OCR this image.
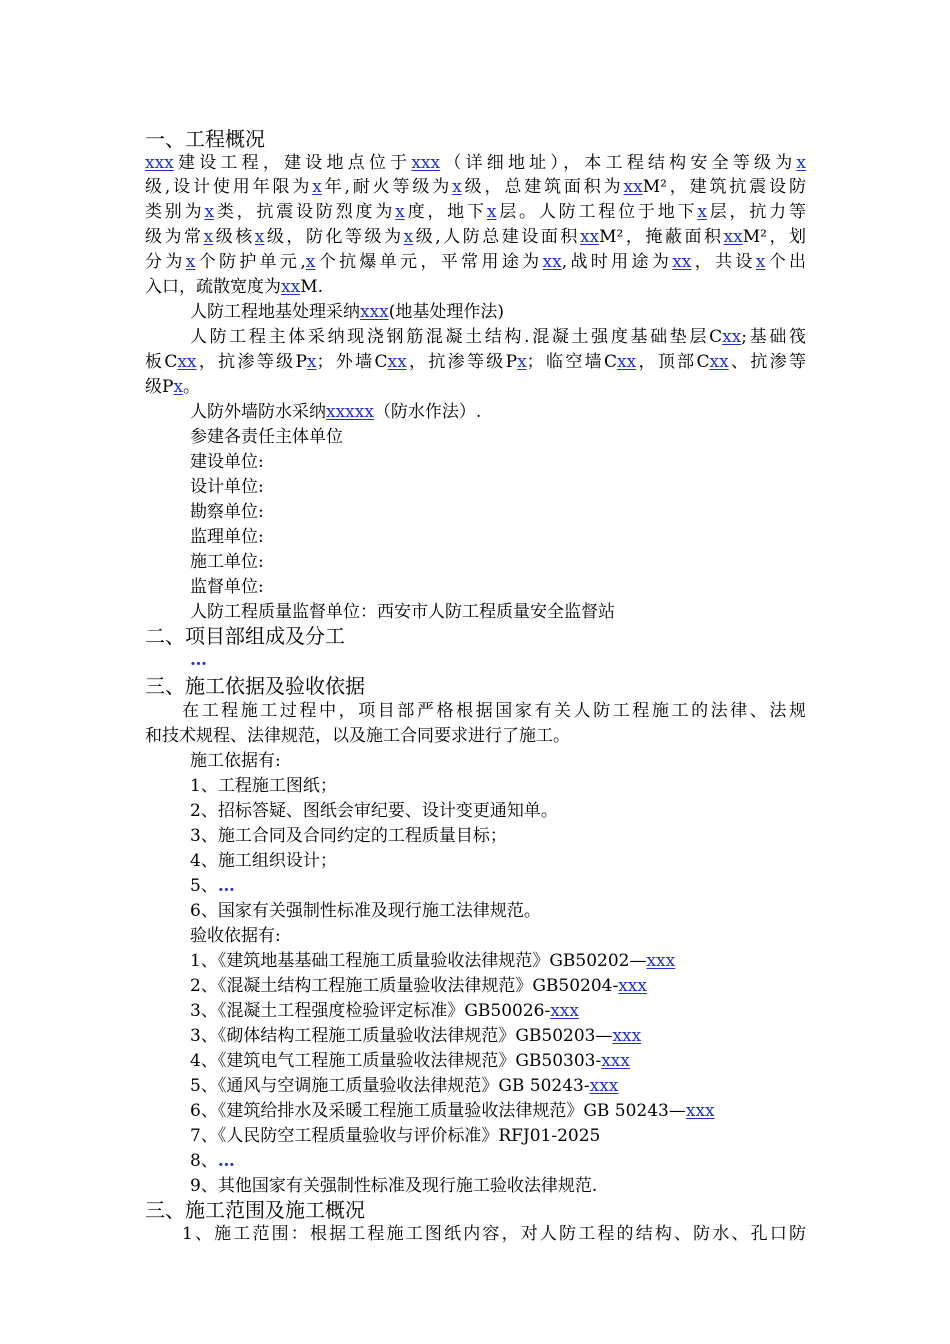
一、工程概况
xxx建设工程，建设地点位于xxx（详细地址），本工程结构安全等级为x
级,设计使用年限为x年,耐火等级为x级，总建筑面积为xxM²，建筑抗震设防
类别为x类，抗震设防烈度为x度，地下x层。人防工程位于地下x层，抗力等
级为常x级核x级，防化等级为x级,人防总建设面积xxM²，掩蔽面积xxM²，划
分为x个防护单元,x个抗爆单元，平常用途为xx,战时用途为xx，共设x个出
入口，疏散宽度为xxM.
人防工程地基处理采纳xxx(地基处理作法)
人防工程主体采纳现浇钢筋混凝土结构.混凝土强度基础垫层Cxx;基础筏
板Cxx，抗渗等级Px；外墙Cxx，抗渗等级Px；临空墙Cxx，顶部Cxx、抗渗等
级Px。
人防外墙防水采纳xxxxx（防水作法）.
参建各责任主体单位
建设单位:
设计单位:
勘察单位:
监理单位:
施工单位:
监督单位:
人防工程质量监督单位：西安市人防工程质量安全监督站
二、项目部组成及分工
…
三、施工依据及验收依据
在工程施工过程中，项目部严格根据国家有关人防工程施工的法律、法规
和技术规程、法律规范，以及施工合同要求进行了施工。
施工依据有:
1、工程施工图纸；
2、招标答疑、图纸会审纪要、设计变更通知单。
3、施工合同及合同约定的工程质量目标；
4、施工组织设计；
5、…
6、国家有关强制性标准及现行施工法律规范。
验收依据有:
1、《建筑地基基础工程施工质量验收法律规范》GB50202—xxx
2、《混凝土结构工程施工质量验收法律规范》GB50204-xxx
3、《混凝土工程强度检验评定标准》GB50026-xxx
3、《砌体结构工程施工质量验收法律规范》GB50203—xxx
4、《建筑电气工程施工质量验收法律规范》GB50303-xxx
5、《通风与空调施工质量验收法律规范》GB 50243-xxx
6、《建筑给排水及采暖工程施工质量验收法律规范》GB 50243—xxx
7、《人民防空工程质量验收与评价标准》RFJ01-2025
8、…
9、其他国家有关强制性标准及现行施工验收法律规范.
三、施工范围及施工概况
1、施工范围：根据工程施工图纸内容，对人防工程的结构、防水、孔口防
